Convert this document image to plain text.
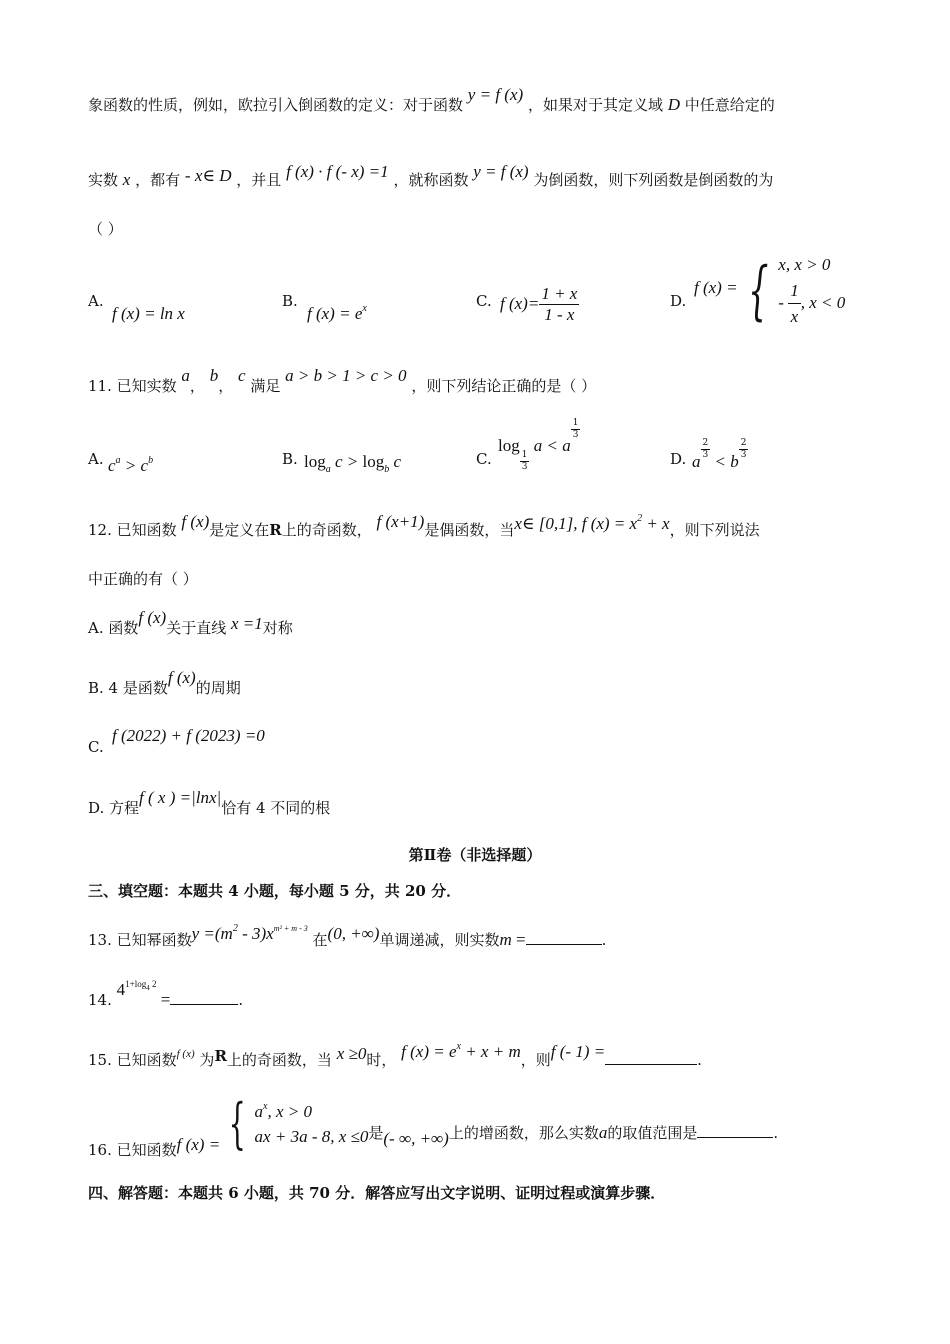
象函数的性质，例如，欧拉引入倒函数的定义：对于函数 y = f (x) ，如果对于其定义域 D 中任意给定的
实数 x ，都有 - x∈ D ，并且 f (x) · f (- x) =1 ，就称函数 y = f (x) 为倒函数，则下列函数是倒函数的为
（ ）
A.
f (x) = ln x
B.
f $(x) = e^x$	C. f $(x)= \frac{1 + x}{1 - x}$	D.
f (x) = { x, x > 0
- $\frac{1}{x}$ , x < 0
11. 已知实数 a， b， c 满足 a > b > 1 > c > 0 ，则下列结论正确的是（ ）
A. $c^a > c^b$	B. $\log_a c > \log_b c$	C.
log
$\frac{1}{3}$
a < a
$\frac{1}{3}$
D. a
$\frac{2}{3}$
< b
$\frac{2}{3}$
12. 已知函数 f (x)是定义在R上的奇函数， f (x+1)是偶函数，当x∈ [0,1], f $(x) = x^2 + x$，则下列说法
中正确的有（ ）
A. 函数f (x)关于直线 x =1对称
B. 4 是函数f (x)的周期
C.
f (2022) + f (2023) =0
D. 方程f ( x ) =|lnx|恰有 4 不同的根
第Ⅱ卷（非选择题）
三、填空题：本题共 4 小题，每小题 5 分，共 20 分．
13. 已知幂函数$y =(m^2 - 3)x^{m^2 + m - 3}$ 在(0, +∞)单调递减，则实数m =	.
14. $4^{1+log_4 2}$ =	.
15. 已知函数$^{f (x)}$ 为R上的奇函数，当 x ≥0时， f $(x) = e^x + x + m$，则f (- 1) =	.
16. 已知函数f (x) = { $a^x$, x > 0
ax + 3a - 8, x ≤0 是(- ∞, +∞)上的增函数，那么实数a的取值范围是	.
四、解答题：本题共 6 小题，共 70 分．解答应写出文字说明、证明过程或演算步骤．
